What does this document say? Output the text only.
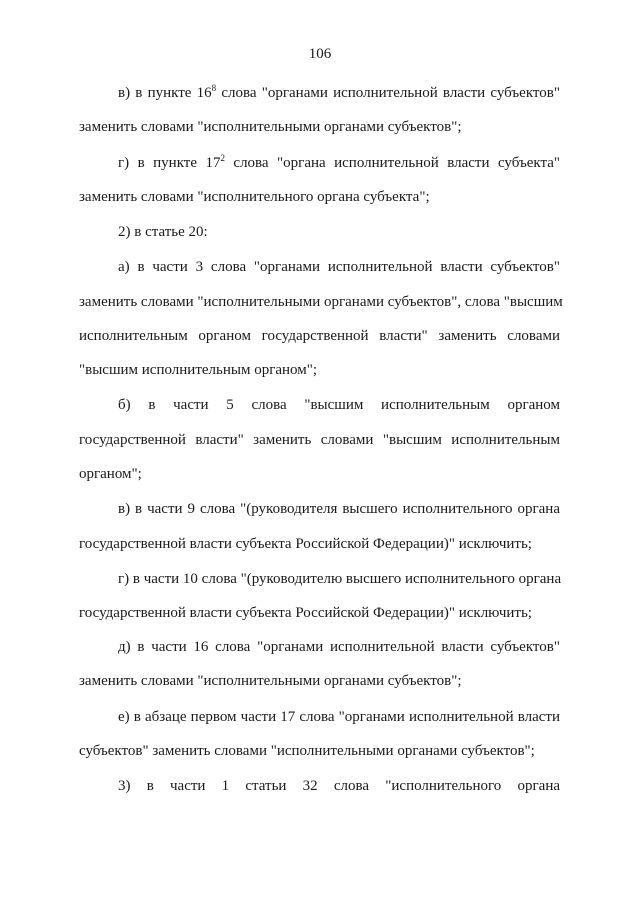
106
в) в пункте $16^8$ слова "органами исполнительной власти субъектов"
заменить словами "исполнительными органами субъектов";
г) в пункте $17^2$ слова "органа исполнительной власти субъекта"
заменить словами "исполнительного органа субъекта";
2) в статье 20:
а) в части 3 слова "органами исполнительной власти субъектов"
заменить словами "исполнительными органами субъектов", слова "высшим
исполнительным органом государственной власти" заменить словами
"высшим исполнительным органом";
б) в части 5 слова "высшим исполнительным органом
государственной власти" заменить словами "высшим исполнительным
органом";
в) в части 9 слова "(руководителя высшего исполнительного органа
государственной власти субъекта Российской Федерации)" исключить;
г) в части 10 слова "(руководителю высшего исполнительного органа
государственной власти субъекта Российской Федерации)" исключить;
д) в части 16 слова "органами исполнительной власти субъектов"
заменить словами "исполнительными органами субъектов";
е) в абзаце первом части 17 слова "органами исполнительной власти
субъектов" заменить словами "исполнительными органами субъектов";
3) в части 1 статьи 32 слова "исполнительного органа
